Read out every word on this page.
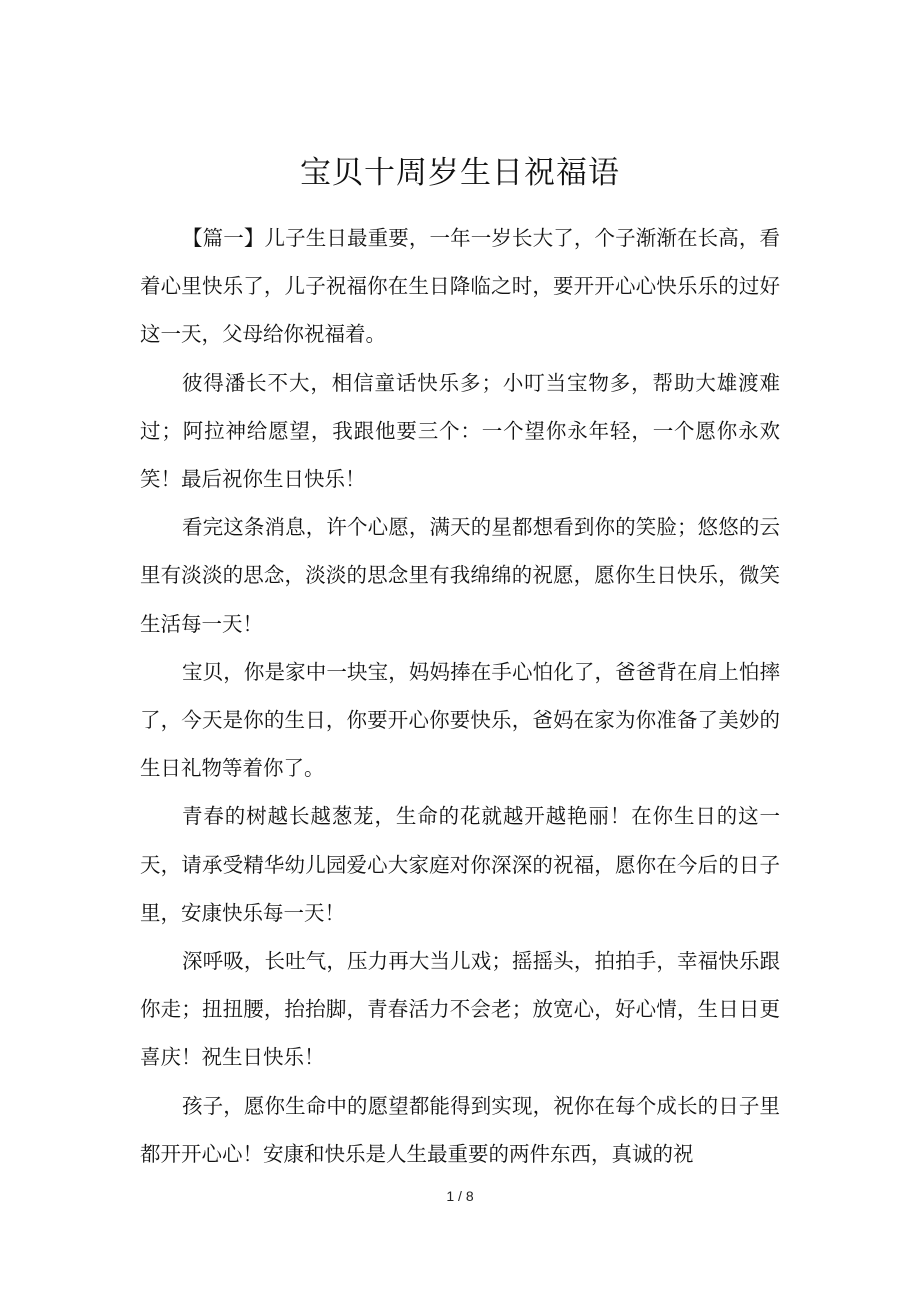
宝贝十周岁生日祝福语

【篇一】儿子生日最重要，一年一岁长大了，个子渐渐在长高，看着心里快乐了，儿子祝福你在生日降临之时，要开开心心快乐乐的过好这一天，父母给你祝福着。

彼得潘长不大，相信童话快乐多；小叮当宝物多，帮助大雄渡难过；阿拉神给愿望，我跟他要三个：一个望你永年轻，一个愿你永欢笑！最后祝你生日快乐！

看完这条消息，许个心愿，满天的星都想看到你的笑脸；悠悠的云里有淡淡的思念，淡淡的思念里有我绵绵的祝愿，愿你生日快乐，微笑生活每一天！

宝贝，你是家中一块宝，妈妈捧在手心怕化了，爸爸背在肩上怕摔了，今天是你的生日，你要开心你要快乐，爸妈在家为你准备了美妙的生日礼物等着你了。

青春的树越长越葱茏，生命的花就越开越艳丽！在你生日的这一天，请承受精华幼儿园爱心大家庭对你深深的祝福，愿你在今后的日子里，安康快乐每一天！

深呼吸，长吐气，压力再大当儿戏；摇摇头，拍拍手，幸福快乐跟你走；扭扭腰，抬抬脚，青春活力不会老；放宽心，好心情，生日日更喜庆！祝生日快乐！

孩子，愿你生命中的愿望都能得到实现，祝你在每个成长的日子里都开开心心！安康和快乐是人生最重要的两件东西，真诚的祝

1 / 8
